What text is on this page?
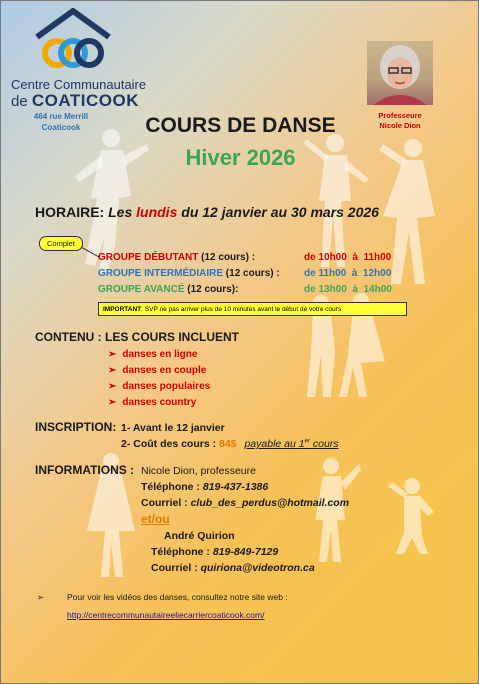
Centre Communautaire
de COATICOOK
464 rue Merrill
Coaticook
Professeure
Nicole Dion
COURS DE DANSE
Hiver 2026
HORAIRE: Les lundis du 12 janvier au 30 mars 2026
Complet
GROUPE DÉBUTANT (12 cours) :	de 10h00  à  11h00
GROUPE INTERMÉDIAIRE (12 cours) : de 11h00  à  12h00
GROUPE AVANCÉ (12 cours):	de 13h00  à  14h00
IMPORTANT: SVP ne pas arriver plus de 10 minutes avant le début de votre cours
CONTENU : LES COURS INCLUENT
➢ danses en ligne
➢ danses en couple
➢ danses populaires
➢ danses country
INSCRIPTION: 1- Avant le 12 janvier
2- Coût des cours : 84$ payable au 1er cours
INFORMATIONS : Nicole Dion, professeure
Téléphone : 819-437-1386
Courriel : club_des_perdus@hotmail.com
et/ou
André Quirion
Téléphone : 819-849-7129
Courriel : quiriona@videotron.ca
➢	Pour voir les vidéos des danses, consultez notre site web :
http://centrecommunautaireeliecarriercoaticook.com/
